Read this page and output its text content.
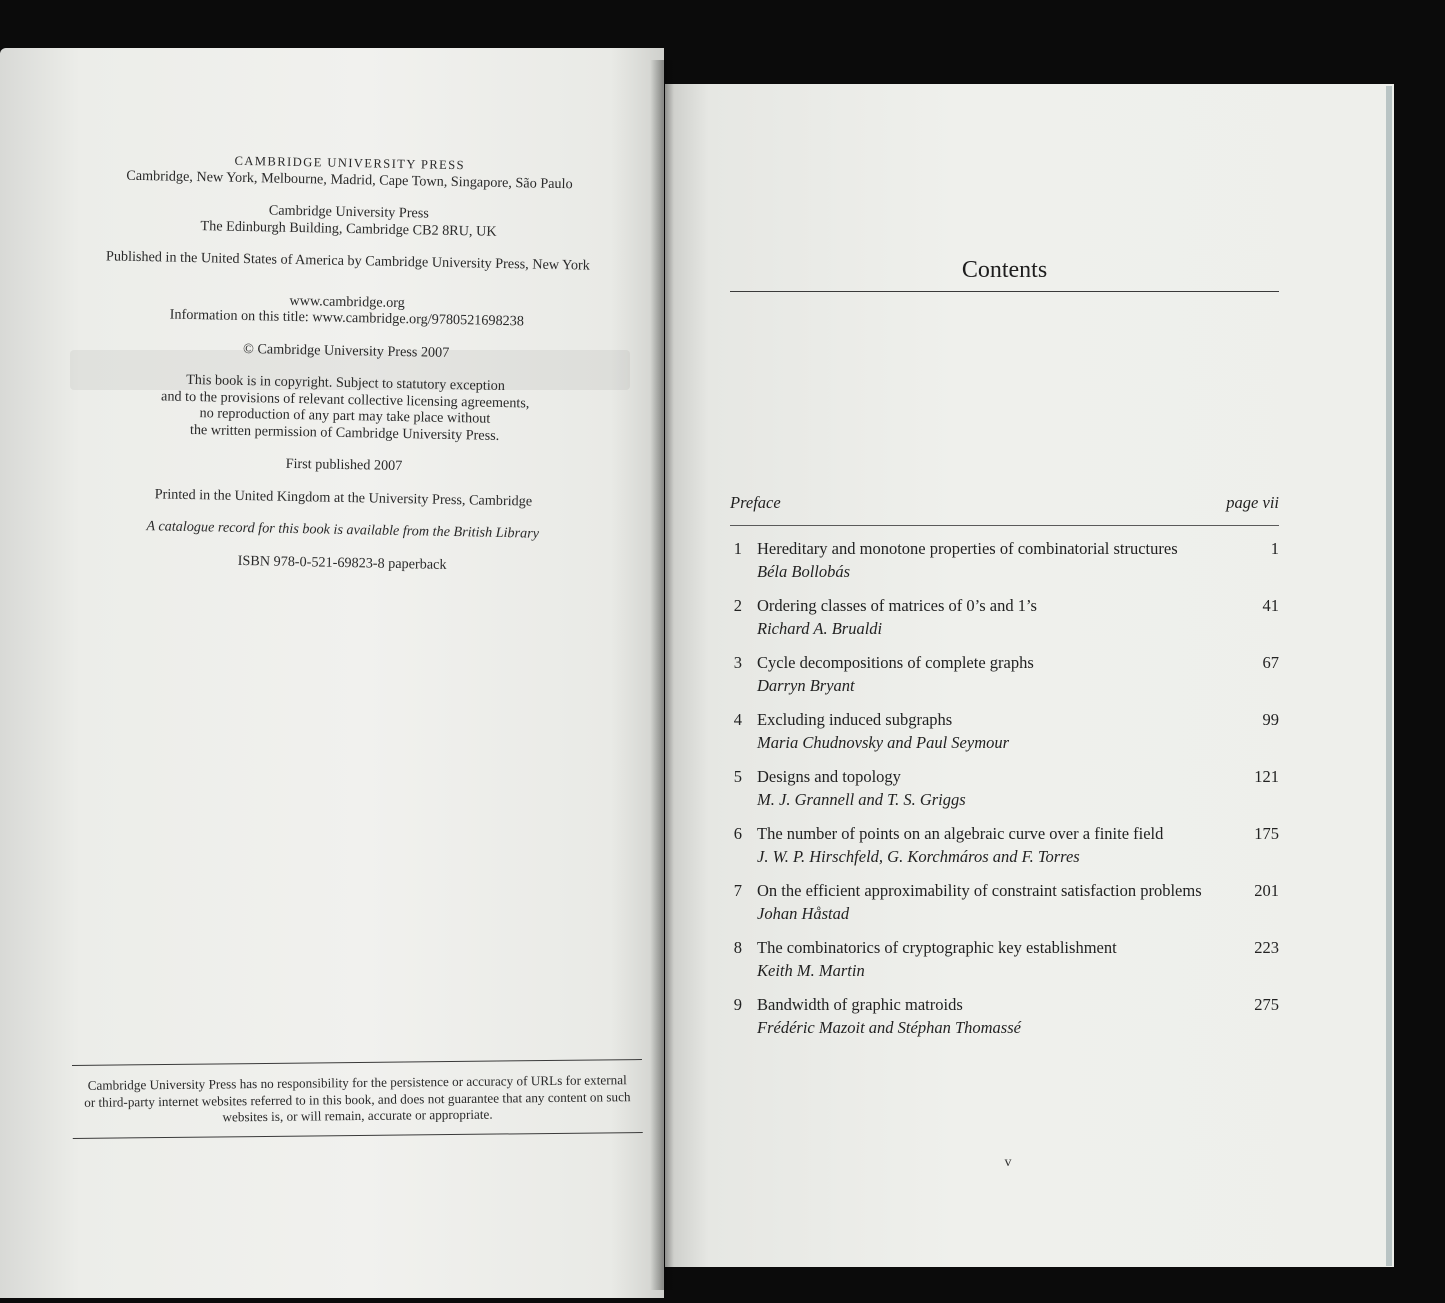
CAMBRIDGE UNIVERSITY PRESS

Cambridge, New York, Melbourne, Madrid, Cape Town, Singapore, São Paulo

Cambridge University Press

The Edinburgh Building, Cambridge CB2 8RU, UK

Published in the United States of America by Cambridge University Press, New York

www.cambridge.org

Information on this title: www.cambridge.org/9780521698238

© Cambridge University Press 2007

This book is in copyright. Subject to statutory exception

and to the provisions of relevant collective licensing agreements,

no reproduction of any part may take place without

the written permission of Cambridge University Press.

First published 2007

Printed in the United Kingdom at the University Press, Cambridge

A catalogue record for this book is available from the British Library

ISBN 978-0-521-69823-8 paperback

Cambridge University Press has no responsibility for the persistence or accuracy of URLs for external or third-party internet websites referred to in this book, and does not guarantee that any content on such websites is, or will remain, accurate or appropriate.
Contents
Preface	page vii
1 Hereditary and monotone properties of combinatorial structures
Béla Bollobás
1
2 Ordering classes of matrices of 0’s and 1’s
Richard A. Brualdi
41
3 Cycle decompositions of complete graphs
Darryn Bryant
67
4 Excluding induced subgraphs
Maria Chudnovsky and Paul Seymour
99
5 Designs and topology
M. J. Grannell and T. S. Griggs
121
6 The number of points on an algebraic curve over a finite field
J. W. P. Hirschfeld, G. Korchmáros and F. Torres
175
7 On the efficient approximability of constraint satisfaction problems
Johan Håstad
201
8 The combinatorics of cryptographic key establishment
Keith M. Martin
223
9 Bandwidth of graphic matroids
Frédéric Mazoit and Stéphan Thomassé
275
v
